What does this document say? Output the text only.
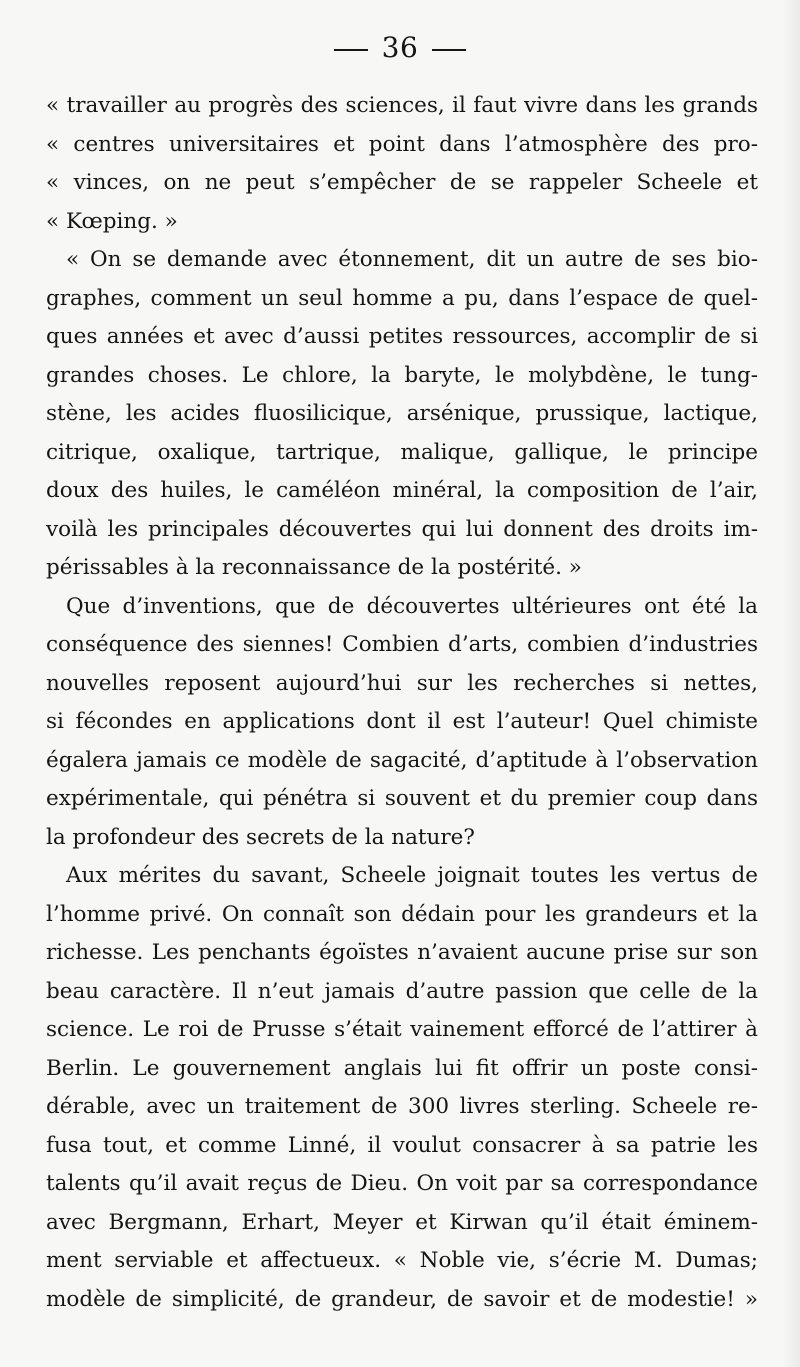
36
« travailler au progrès des sciences, il faut vivre dans les grands
« centres universitaires et point dans l’atmosphère des pro-
« vinces, on ne peut s’empêcher de se rappeler Scheele et
« Kœping. »
« On se demande avec étonnement, dit un autre de ses bio-
graphes, comment un seul homme a pu, dans l’espace de quel-
ques années et avec d’aussi petites ressources, accomplir de si
grandes choses. Le chlore, la baryte, le molybdène, le tung-
stène, les acides fluosilicique, arsénique, prussique, lactique,
citrique, oxalique, tartrique, malique, gallique, le principe
doux des huiles, le caméléon minéral, la composition de l’air,
voilà les principales découvertes qui lui donnent des droits im-
périssables à la reconnaissance de la postérité. »
Que d’inventions, que de découvertes ultérieures ont été la
conséquence des siennes! Combien d’arts, combien d’industries
nouvelles reposent aujourd’hui sur les recherches si nettes,
si fécondes en applications dont il est l’auteur! Quel chimiste
égalera jamais ce modèle de sagacité, d’aptitude à l’observation
expérimentale, qui pénétra si souvent et du premier coup dans
la profondeur des secrets de la nature?
Aux mérites du savant, Scheele joignait toutes les vertus de
l’homme privé. On connaît son dédain pour les grandeurs et la
richesse. Les penchants égoïstes n’avaient aucune prise sur son
beau caractère. Il n’eut jamais d’autre passion que celle de la
science. Le roi de Prusse s’était vainement efforcé de l’attirer à
Berlin. Le gouvernement anglais lui fit offrir un poste consi-
dérable, avec un traitement de 300 livres sterling. Scheele re-
fusa tout, et comme Linné, il voulut consacrer à sa patrie les
talents qu’il avait reçus de Dieu. On voit par sa correspondance
avec Bergmann, Erhart, Meyer et Kirwan qu’il était éminem-
ment serviable et affectueux. « Noble vie, s’écrie M. Dumas;
modèle de simplicité, de grandeur, de savoir et de modestie! »
